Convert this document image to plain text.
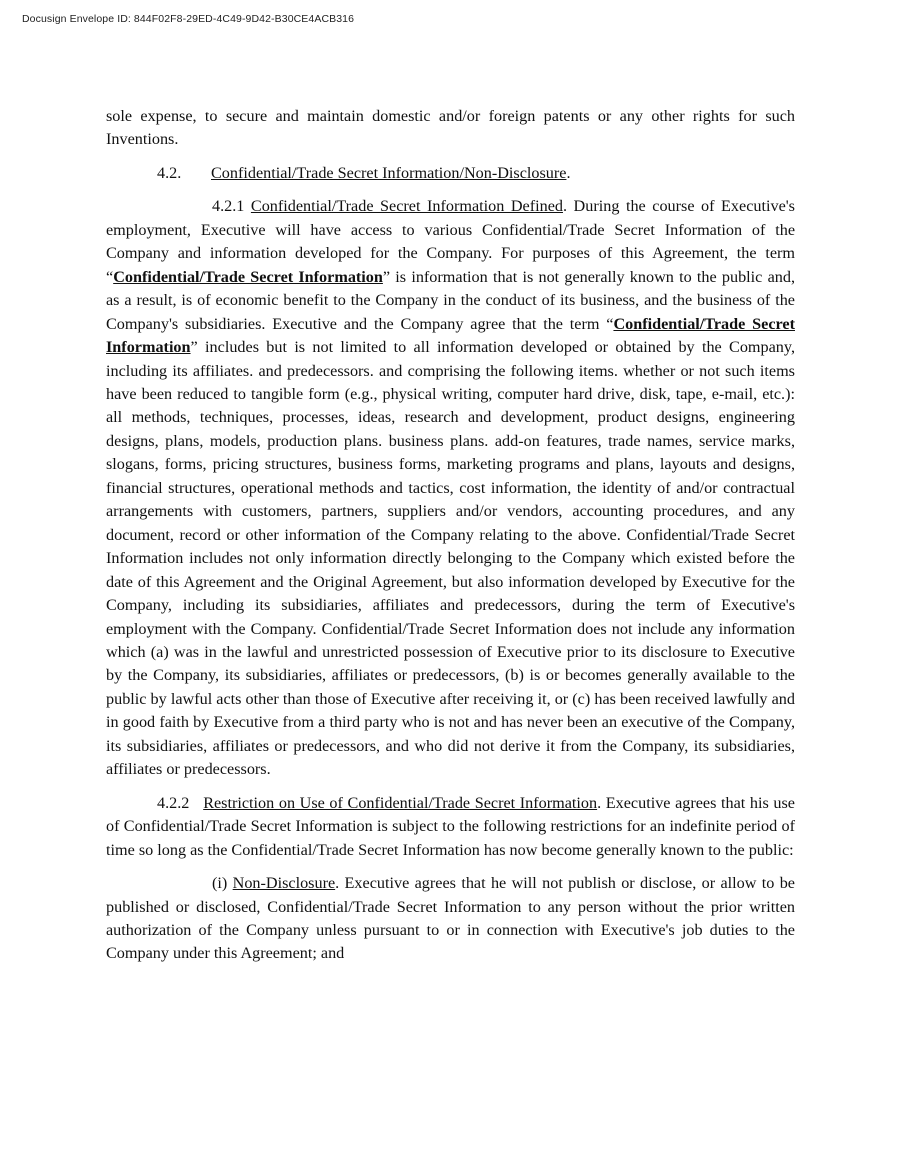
Docusign Envelope ID: 844F02F8-29ED-4C49-9D42-B30CE4ACB316

sole expense, to secure and maintain domestic and/or foreign patents or any other rights for such Inventions.

4.2. Confidential/Trade Secret Information/Non-Disclosure.

4.2.1 Confidential/Trade Secret Information Defined. During the course of Executive's employment, Executive will have access to various Confidential/Trade Secret Information of the Company and information developed for the Company. For purposes of this Agreement, the term “Confidential/Trade Secret Information” is information that is not generally known to the public and, as a result, is of economic benefit to the Company in the conduct of its business, and the business of the Company's subsidiaries. Executive and the Company agree that the term “Confidential/Trade Secret Information” includes but is not limited to all information developed or obtained by the Company, including its affiliates. and predecessors. and comprising the following items. whether or not such items have been reduced to tangible form (e.g., physical writing, computer hard drive, disk, tape, e-mail, etc.): all methods, techniques, processes, ideas, research and development, product designs, engineering designs, plans, models, production plans. business plans. add-on features, trade names, service marks, slogans, forms, pricing structures, business forms, marketing programs and plans, layouts and designs, financial structures, operational methods and tactics, cost information, the identity of and/or contractual arrangements with customers, partners, suppliers and/or vendors, accounting procedures, and any document, record or other information of the Company relating to the above. Confidential/Trade Secret Information includes not only information directly belonging to the Company which existed before the date of this Agreement and the Original Agreement, but also information developed by Executive for the Company, including its subsidiaries, affiliates and predecessors, during the term of Executive's employment with the Company. Confidential/Trade Secret Information does not include any information which (a) was in the lawful and unrestricted possession of Executive prior to its disclosure to Executive by the Company, its subsidiaries, affiliates or predecessors, (b) is or becomes generally available to the public by lawful acts other than those of Executive after receiving it, or (c) has been received lawfully and in good faith by Executive from a third party who is not and has never been an executive of the Company, its subsidiaries, affiliates or predecessors, and who did not derive it from the Company, its subsidiaries, affiliates or predecessors.

4.2.2 Restriction on Use of Confidential/Trade Secret Information. Executive agrees that his use of Confidential/Trade Secret Information is subject to the following restrictions for an indefinite period of time so long as the Confidential/Trade Secret Information has now become generally known to the public:

(i) Non-Disclosure. Executive agrees that he will not publish or disclose, or allow to be published or disclosed, Confidential/Trade Secret Information to any person without the prior written authorization of the Company unless pursuant to or in connection with Executive's job duties to the Company under this Agreement; and
